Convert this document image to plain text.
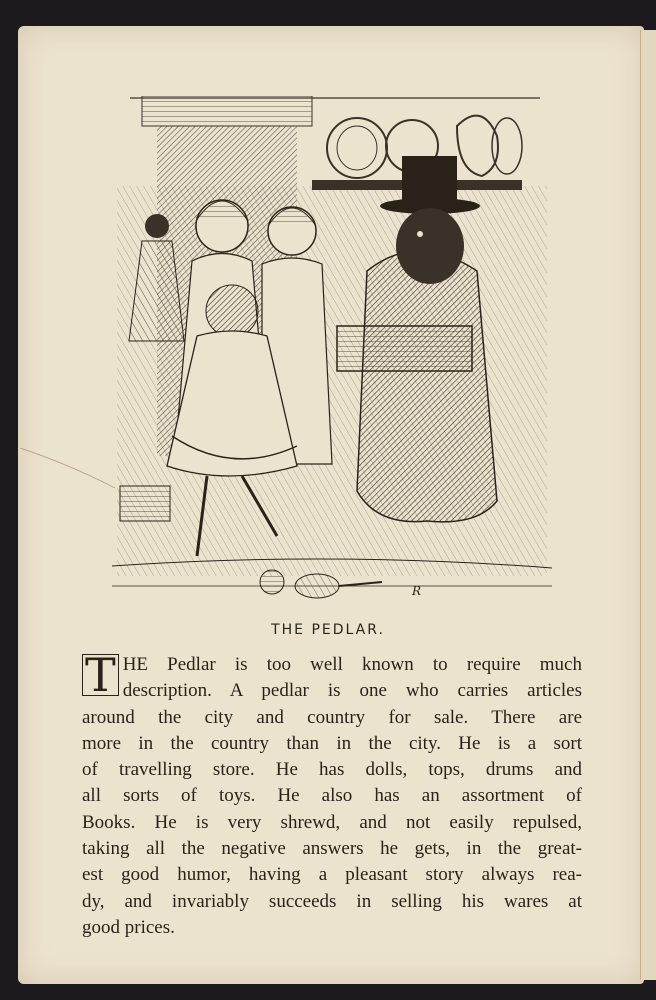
R
THE PEDLAR.
T HE Pedlar is too well known to require much
description. A pedlar is one who carries articles
around the city and country for sale. There are
more in the country than in the city. He is a sort
of travelling store. He has dolls, tops, drums and
all sorts of toys. He also has an assortment of
Books. He is very shrewd, and not easily repulsed,
taking all the negative answers he gets, in the great-
est good humor, having a pleasant story always rea-
dy, and invariably succeeds in selling his wares at
good prices.
